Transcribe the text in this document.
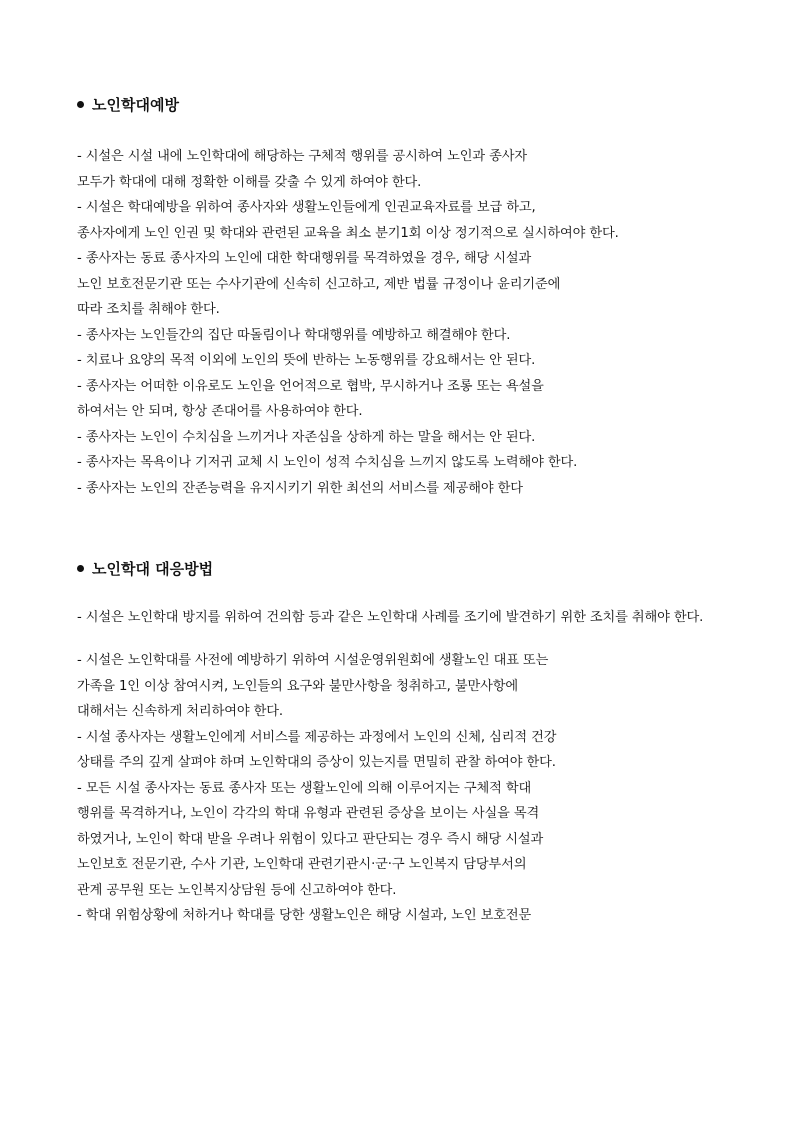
노인학대예방
- 시설은 시설 내에 노인학대에 해당하는 구체적 행위를 공시하여 노인과 종사자
모두가 학대에 대해 정확한 이해를 갖출 수 있게 하여야 한다.
- 시설은 학대예방을 위하여 종사자와 생활노인들에게 인권교육자료를 보급 하고,
종사자에게 노인 인권 및 학대와 관련된 교육을 최소 분기1회 이상 정기적으로 실시하여야 한다.
- 종사자는 동료 종사자의 노인에 대한 학대행위를 목격하였을 경우, 해당 시설과
노인 보호전문기관 또는 수사기관에 신속히 신고하고, 제반 법률 규정이나 윤리기준에
따라 조치를 취해야 한다.
- 종사자는 노인들간의 집단 따돌림이나 학대행위를 예방하고 해결해야 한다.
- 치료나 요양의 목적 이외에 노인의 뜻에 반하는 노동행위를 강요해서는 안 된다.
- 종사자는 어떠한 이유로도 노인을 언어적으로 협박, 무시하거나 조롱 또는 욕설을
하여서는 안 되며, 항상 존대어를 사용하여야 한다.
- 종사자는 노인이 수치심을 느끼거나 자존심을 상하게 하는 말을 해서는 안 된다.
- 종사자는 목욕이나 기저귀 교체 시 노인이 성적 수치심을 느끼지 않도록 노력해야 한다.
- 종사자는 노인의 잔존능력을 유지시키기 위한 최선의 서비스를 제공해야 한다
노인학대 대응방법
- 시설은 노인학대 방지를 위하여 건의함 등과 같은 노인학대 사례를 조기에 발견하기 위한 조치를 취해야 한다.
- 시설은 노인학대를 사전에 예방하기 위하여 시설운영위원회에 생활노인 대표 또는
가족을 1인 이상 참여시켜, 노인들의 요구와 불만사항을 청취하고, 불만사항에
대해서는 신속하게 처리하여야 한다.
- 시설 종사자는 생활노인에게 서비스를 제공하는 과정에서 노인의 신체, 심리적 건강
상태를 주의 깊게 살펴야 하며 노인학대의 증상이 있는지를 면밀히 관찰 하여야 한다.
- 모든 시설 종사자는 동료 종사자 또는 생활노인에 의해 이루어지는 구체적 학대
행위를 목격하거나, 노인이 각각의 학대 유형과 관련된 증상을 보이는 사실을 목격
하였거나, 노인이 학대 받을 우려나 위험이 있다고 판단되는 경우 즉시 해당 시설과
노인보호 전문기관, 수사 기관, 노인학대 관련기관시·군·구 노인복지 담당부서의
관계 공무원 또는 노인복지상담원 등에 신고하여야 한다.
- 학대 위험상황에 처하거나 학대를 당한 생활노인은 해당 시설과, 노인 보호전문
